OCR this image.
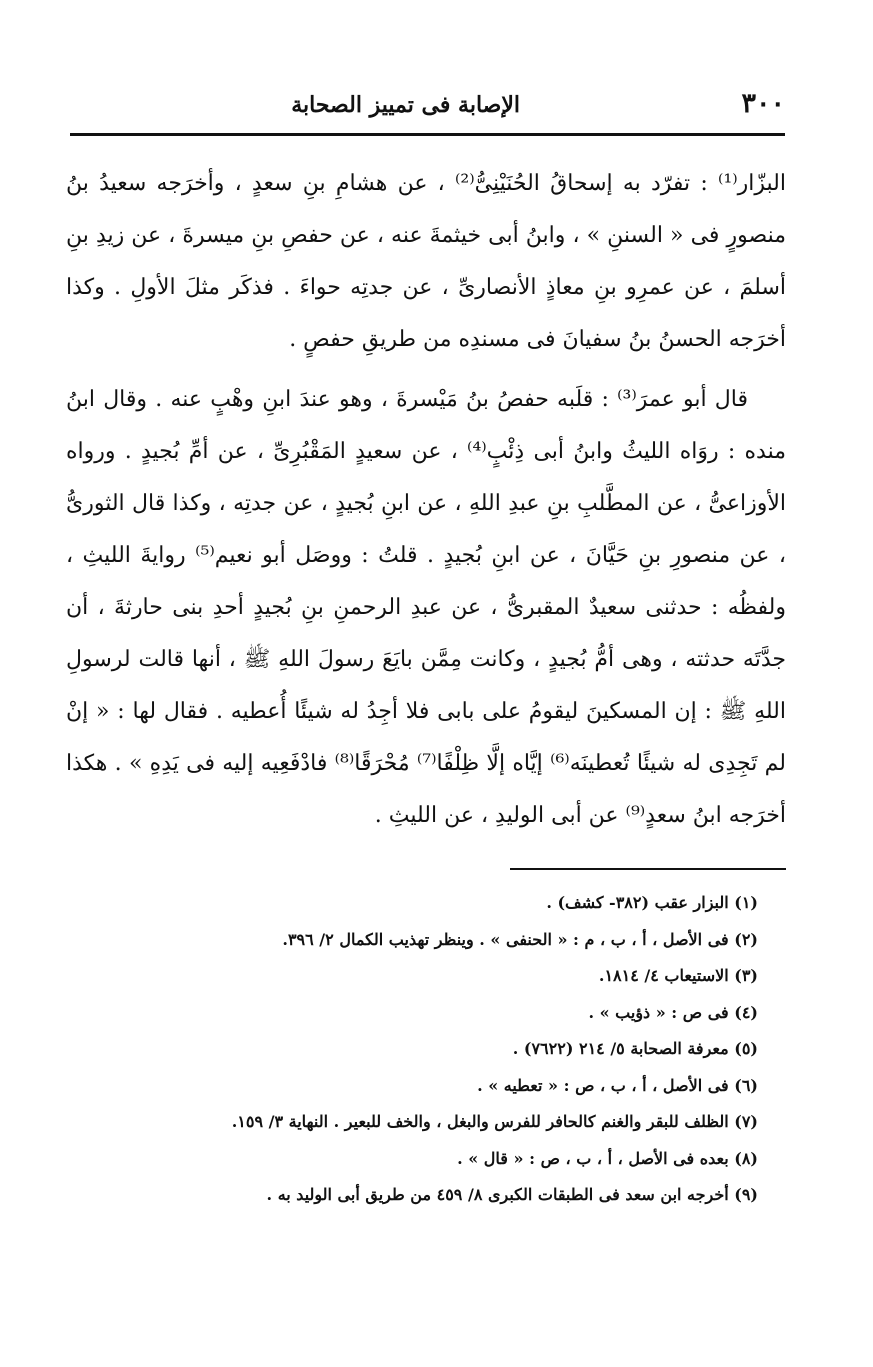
٣٠٠
الإصابة فى تمييز الصحابة

البزّار⁽¹⁾ : تفرّد به إسحاقُ الحُنَيْنِىُّ⁽²⁾ ، عن هشامِ بنِ سعدٍ ، وأخرَجه سعيدُ بنُ منصورٍ فى « السننِ » ، وابنُ أبى خيثمةَ عنه ، عن حفصِ بنِ ميسرةَ ، عن زيدِ بنِ أسلمَ ، عن عمرِو بنِ معاذٍ الأنصارىِّ ، عن جدتِه حواءَ . فذكَر مثلَ الأولِ . وكذا أخرَجه الحسنُ بنُ سفيانَ فى مسندِه من طريقِ حفصٍ .

قال أبو عمرَ⁽³⁾ : قلَبه حفصُ بنُ مَيْسرةَ ، وهو عندَ ابنِ وهْبٍ عنه . وقال ابنُ منده : روَاه الليثُ وابنُ أبى ذِئْبٍ⁽⁴⁾ ، عن سعيدٍ المَقْبُرِىِّ ، عن أمِّ بُجيدٍ . ورواه الأوزاعىُّ ، عن المطَّلبِ بنِ عبدِ اللهِ ، عن ابنِ بُجيدٍ ، عن جدتِه ، وكذا قال الثورىُّ ، عن منصورِ بنِ حَيَّانَ ، عن ابنِ بُجيدٍ . قلتُ : ووصَل أبو نعيم⁽⁵⁾ روايةَ الليثِ ، ولفظُه : حدثنى سعيدٌ المقبرىُّ ، عن عبدِ الرحمنِ بنِ بُجيدٍ أحدِ بنى حارثةَ ، أن جدَّتَه حدثته ، وهى أمُّ بُجيدٍ ، وكانت مِمَّن بايَعَ رسولَ اللهِ ﷺ ، أنها قالت لرسولِ اللهِ ﷺ : إن المسكينَ ليقومُ على بابى فلا أجِدُ له شيئًا أُعطيه . فقال لها : « إنْ لم تَجِدِى له شيئًا تُعطينَه⁽⁶⁾ إيَّاه إلَّا ظِلْفًا⁽⁷⁾ مُحْرَقًا⁽⁸⁾ فادْفَعِيه إليه فى يَدِهِ » . هكذا أخرَجه ابنُ سعدٍ⁽⁹⁾ عن أبى الوليدِ ، عن الليثِ .

(١) البزار عقب (٣٨٢- كشف) .
(٢) فى الأصل ، أ ، ب ، م : « الحنفى » . وينظر تهذيب الكمال ٢/ ٣٩٦.
(٣) الاستيعاب ٤/ ١٨١٤.
(٤) فى ص : « ذؤيب » .
(٥) معرفة الصحابة ٥/ ٢١٤ (٧٦٢٢) .
(٦) فى الأصل ، أ ، ب ، ص : « تعطيه » .
(٧) الظلف للبقر والغنم كالحافر للفرس والبغل ، والخف للبعير . النهاية ٣/ ١٥٩.
(٨) بعده فى الأصل ، أ ، ب ، ص : « قال » .
(٩) أخرجه ابن سعد فى الطبقات الكبرى ٨/ ٤٥٩ من طريق أبى الوليد به .
